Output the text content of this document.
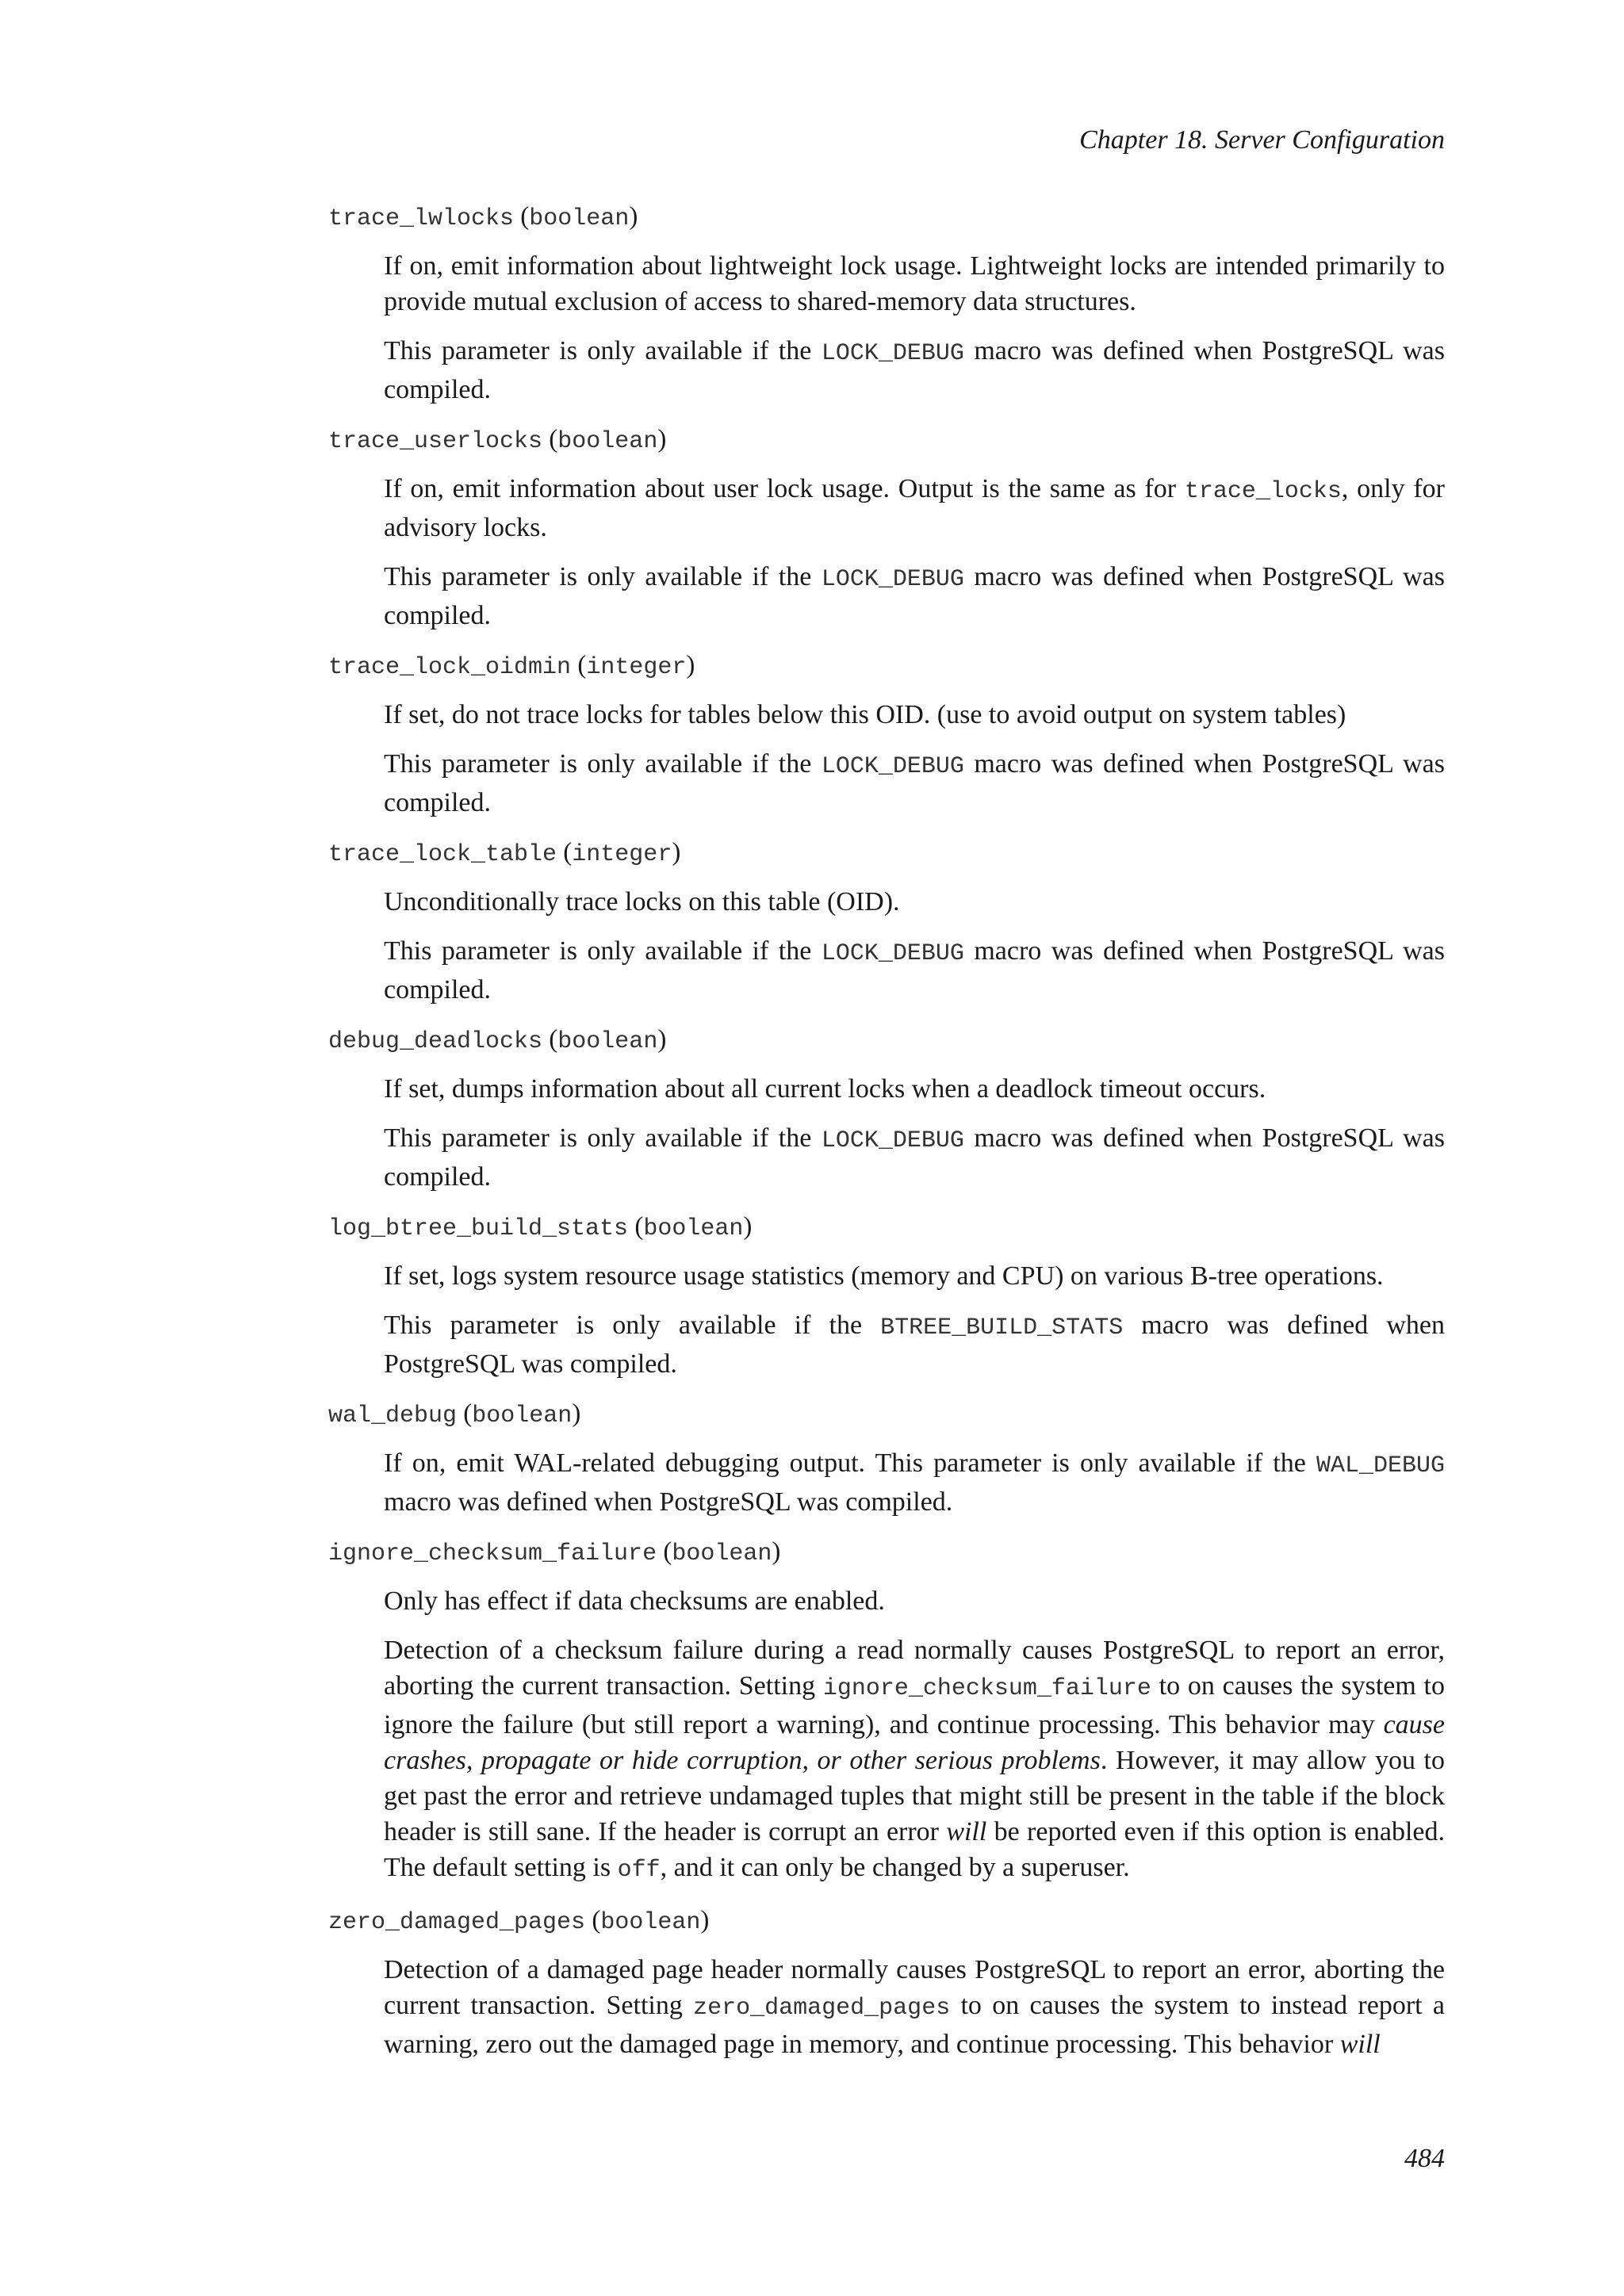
Chapter 18. Server Configuration

trace_lwlocks (boolean)

If on, emit information about lightweight lock usage. Lightweight locks are intended primarily to provide mutual exclusion of access to shared-memory data structures.

This parameter is only available if the LOCK_DEBUG macro was defined when PostgreSQL was compiled.

trace_userlocks (boolean)

If on, emit information about user lock usage. Output is the same as for trace_locks, only for advisory locks.

This parameter is only available if the LOCK_DEBUG macro was defined when PostgreSQL was compiled.

trace_lock_oidmin (integer)

If set, do not trace locks for tables below this OID. (use to avoid output on system tables)

This parameter is only available if the LOCK_DEBUG macro was defined when PostgreSQL was compiled.

trace_lock_table (integer)

Unconditionally trace locks on this table (OID).

This parameter is only available if the LOCK_DEBUG macro was defined when PostgreSQL was compiled.

debug_deadlocks (boolean)

If set, dumps information about all current locks when a deadlock timeout occurs.

This parameter is only available if the LOCK_DEBUG macro was defined when PostgreSQL was compiled.

log_btree_build_stats (boolean)

If set, logs system resource usage statistics (memory and CPU) on various B-tree operations.

This parameter is only available if the BTREE_BUILD_STATS macro was defined when PostgreSQL was compiled.

wal_debug (boolean)

If on, emit WAL-related debugging output. This parameter is only available if the WAL_DEBUG macro was defined when PostgreSQL was compiled.

ignore_checksum_failure (boolean)

Only has effect if data checksums are enabled.

Detection of a checksum failure during a read normally causes PostgreSQL to report an error, aborting the current transaction. Setting ignore_checksum_failure to on causes the system to ignore the failure (but still report a warning), and continue processing. This behavior may cause crashes, propagate or hide corruption, or other serious problems. However, it may allow you to get past the error and retrieve undamaged tuples that might still be present in the table if the block header is still sane. If the header is corrupt an error will be reported even if this option is enabled. The default setting is off, and it can only be changed by a superuser.

zero_damaged_pages (boolean)

Detection of a damaged page header normally causes PostgreSQL to report an error, aborting the current transaction. Setting zero_damaged_pages to on causes the system to instead report a warning, zero out the damaged page in memory, and continue processing. This behavior will

484
